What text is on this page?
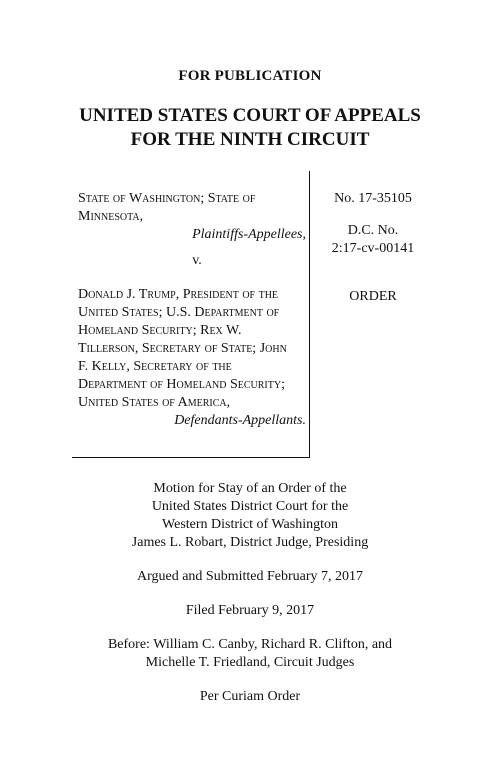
FOR PUBLICATION
UNITED STATES COURT OF APPEALS
FOR THE NINTH CIRCUIT
State of Washington; State of
Minnesota,
Plaintiffs-Appellees,
v.
Donald J. Trump, President of the
United States; U.S. Department of
Homeland Security; Rex W.
Tillerson, Secretary of State; John
F. Kelly, Secretary of the
Department of Homeland Security;
United States of America,
Defendants-Appellants.
No. 17-35105
D.C. No.
2:17-cv-00141
ORDER
Motion for Stay of an Order of the
United States District Court for the
Western District of Washington
James L. Robart, District Judge, Presiding
Argued and Submitted February 7, 2017
Filed February 9, 2017
Before: William C. Canby, Richard R. Clifton, and
Michelle T. Friedland, Circuit Judges
Per Curiam Order
